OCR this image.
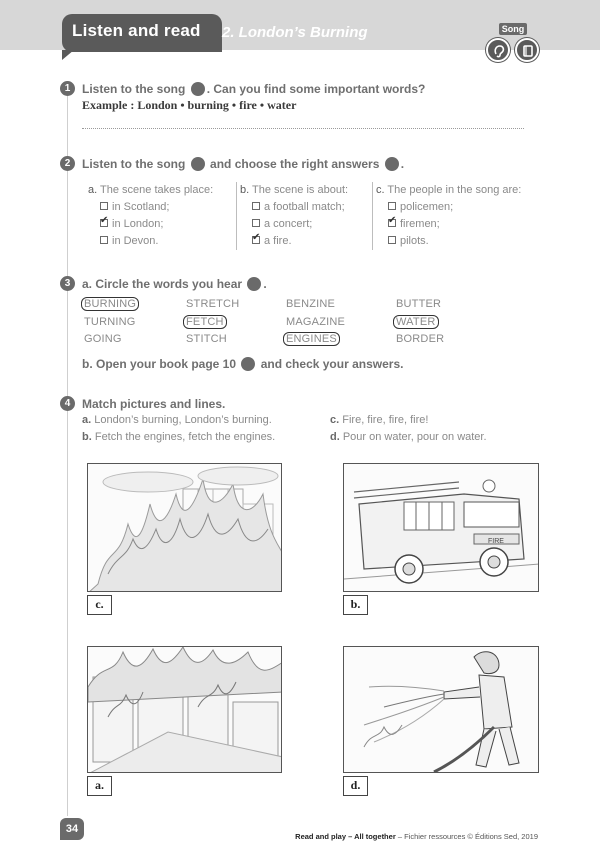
Listen and read 2. London’s Burning	Song
1 Listen to the song . Can you find some important words?
Example : London • burning • fire • water
2 Listen to the song and choose the right answers .
a. The scene takes place:
in Scotland;
✔in London;
in Devon.
b. The scene is about:
a football match;
a concert;
✔a fire.
c. The people in the song are:
policemen;
✔firemen;
pilots.
3 a. Circle the words you hear .
BURNING	STRETCH	BENZINE	BUTTER
TURNING	FETCH	MAGAZINE	WATER
GOING	STITCH	ENGINES	BORDER
b. Open your book page 10 and check your answers.
4 Match pictures and lines.
a. London’s burning, London’s burning.
b. Fetch the engines, fetch the engines.
c. Fire, fire, fire, fire!
d. Pour on water, pour on water.
c.
FIRE
b.
a.	d.
34
Read and play – All together – Fichier ressources © Éditions Sed, 2019
